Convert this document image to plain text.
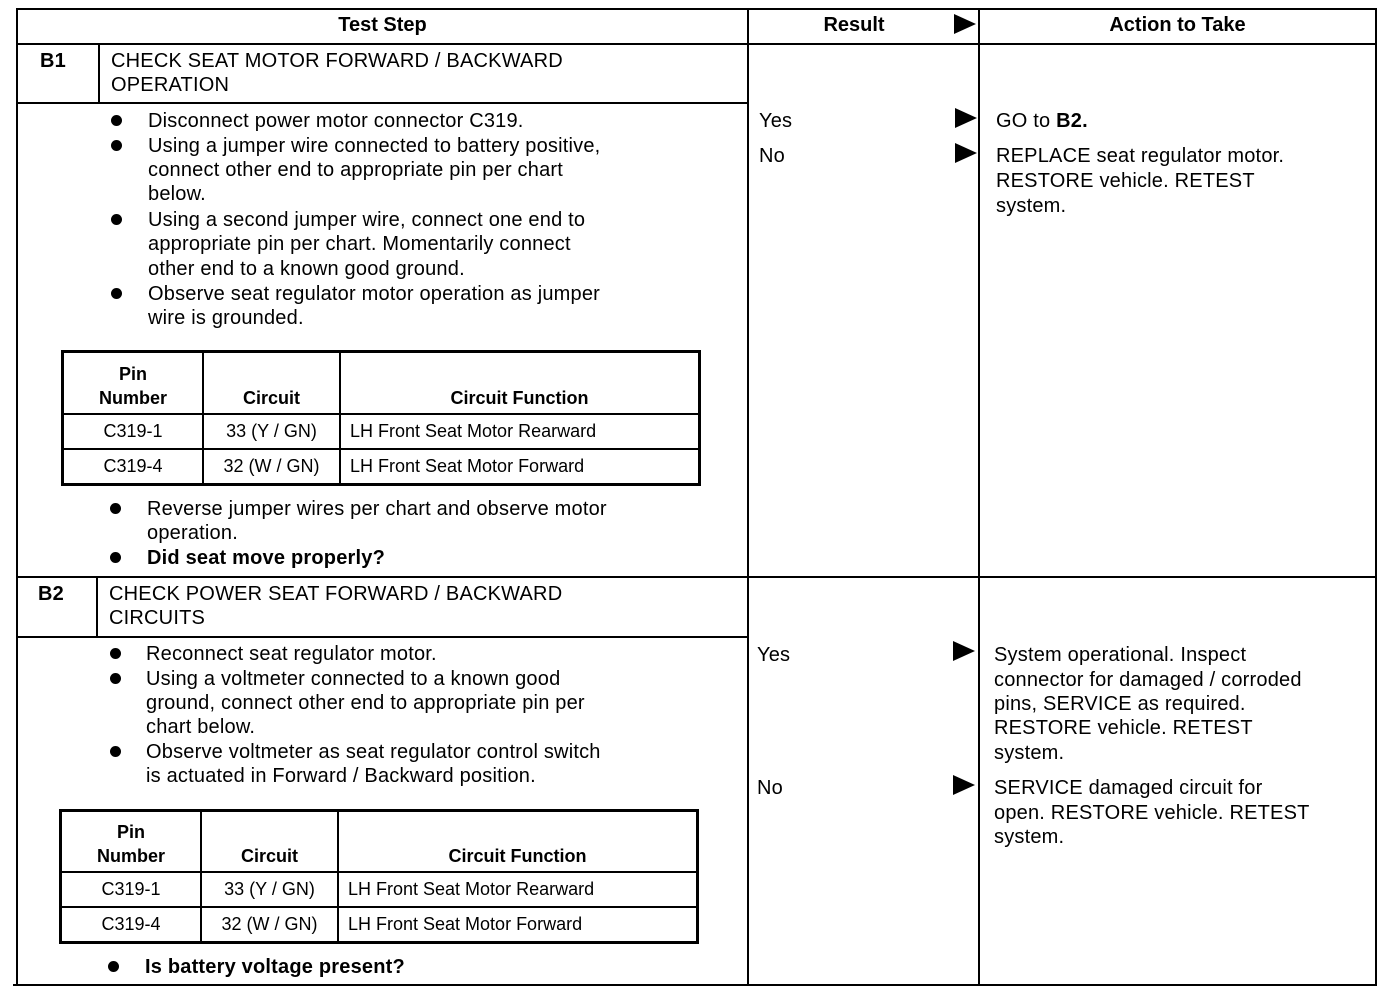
Test Step	Result	Action to Take
B1 CHECK SEAT MOTOR FORWARD / BACKWARD
OPERATION
Disconnect power motor connector C319.
Using a jumper wire connected to battery positive,
connect other end to appropriate pin per chart
below.
Using a second jumper wire, connect one end to
appropriate pin per chart. Momentarily connect
other end to a known good ground.
Observe seat regulator motor operation as jumper
wire is grounded.
Pin
Number	Circuit	Circuit Function
C319-1	33 (Y / GN)	LH Front Seat Motor Rearward
C319-4	32 (W / GN)	LH Front Seat Motor Forward
Reverse jumper wires per chart and observe motor
operation.
Did seat move properly?
Yes	GO to B2.
No	REPLACE seat regulator motor.
RESTORE vehicle. RETEST
system.
B2 CHECK POWER SEAT FORWARD / BACKWARD
CIRCUITS
Reconnect seat regulator motor.
Using a voltmeter connected to a known good
ground, connect other end to appropriate pin per
chart below.
Observe voltmeter as seat regulator control switch
is actuated in Forward / Backward position.
Pin
Number	Circuit	Circuit Function
C319-1	33 (Y / GN)	LH Front Seat Motor Rearward
C319-4	32 (W / GN)	LH Front Seat Motor Forward
Is battery voltage present?
Yes	System operational. Inspect
connector for damaged / corroded
pins, SERVICE as required.
RESTORE vehicle. RETEST
system.
No	SERVICE damaged circuit for
open. RESTORE vehicle. RETEST
system.
